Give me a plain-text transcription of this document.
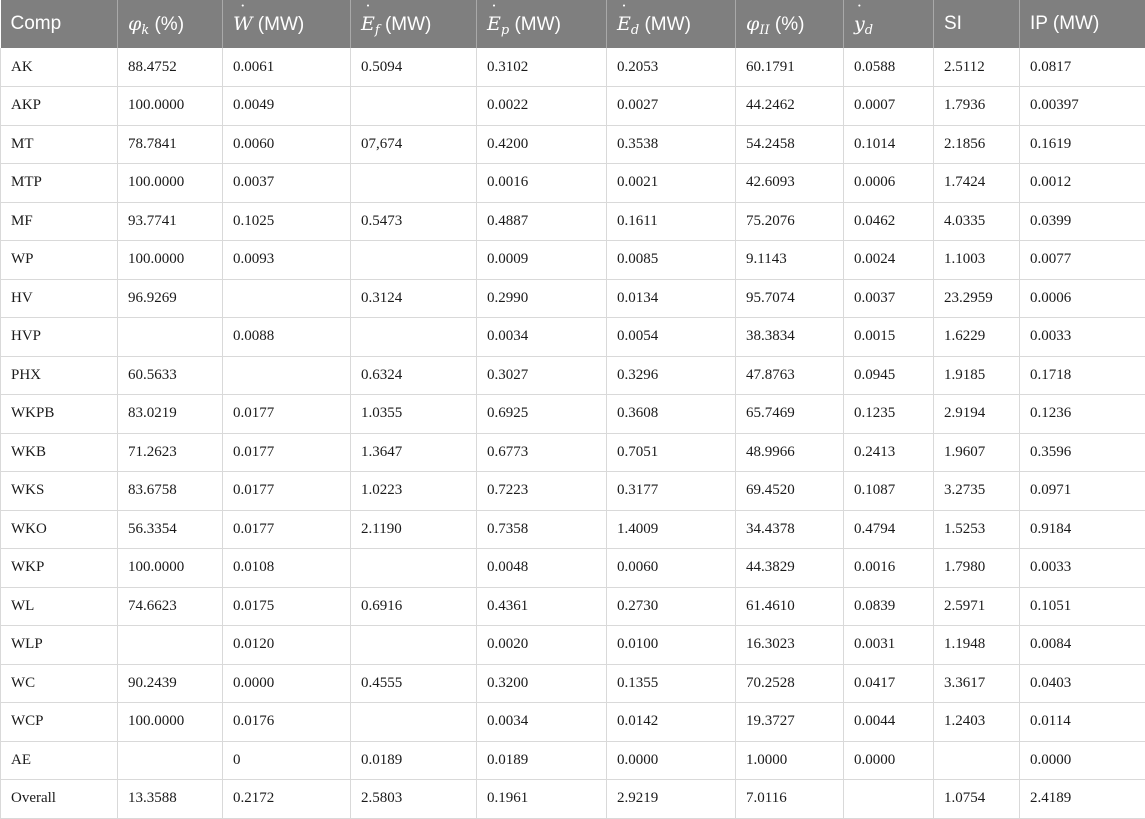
Comp	$\varphi_k$ (%)	˙ W (MW)	˙ $E_f$ (MW)	˙ $E_p$ (MW)	˙ $E_d$ (MW)	$\varphi_{II}$ (%)	˙ $y_d$	SI	IP (MW)
AK	88.4752	0.0061	0.5094	0.3102	0.2053	60.1791	0.0588	2.5112	0.0817
AKP	100.0000	0.0049		0.0022	0.0027	44.2462	0.0007	1.7936	0.00397
MT	78.7841	0.0060	07,674	0.4200	0.3538	54.2458	0.1014	2.1856	0.1619
MTP	100.0000	0.0037		0.0016	0.0021	42.6093	0.0006	1.7424	0.0012
MF	93.7741	0.1025	0.5473	0.4887	0.1611	75.2076	0.0462	4.0335	0.0399
WP	100.0000	0.0093		0.0009	0.0085	9.1143	0.0024	1.1003	0.0077
HV	96.9269		0.3124	0.2990	0.0134	95.7074	0.0037	23.2959	0.0006
HVP		0.0088		0.0034	0.0054	38.3834	0.0015	1.6229	0.0033
PHX	60.5633		0.6324	0.3027	0.3296	47.8763	0.0945	1.9185	0.1718
WKPB	83.0219	0.0177	1.0355	0.6925	0.3608	65.7469	0.1235	2.9194	0.1236
WKB	71.2623	0.0177	1.3647	0.6773	0.7051	48.9966	0.2413	1.9607	0.3596
WKS	83.6758	0.0177	1.0223	0.7223	0.3177	69.4520	0.1087	3.2735	0.0971
WKO	56.3354	0.0177	2.1190	0.7358	1.4009	34.4378	0.4794	1.5253	0.9184
WKP	100.0000	0.0108		0.0048	0.0060	44.3829	0.0016	1.7980	0.0033
WL	74.6623	0.0175	0.6916	0.4361	0.2730	61.4610	0.0839	2.5971	0.1051
WLP		0.0120		0.0020	0.0100	16.3023	0.0031	1.1948	0.0084
WC	90.2439	0.0000	0.4555	0.3200	0.1355	70.2528	0.0417	3.3617	0.0403
WCP	100.0000	0.0176		0.0034	0.0142	19.3727	0.0044	1.2403	0.0114
AE		0	0.0189	0.0189	0.0000	1.0000	0.0000		0.0000
Overall	13.3588	0.2172	2.5803	0.1961	2.9219	7.0116		1.0754	2.4189
